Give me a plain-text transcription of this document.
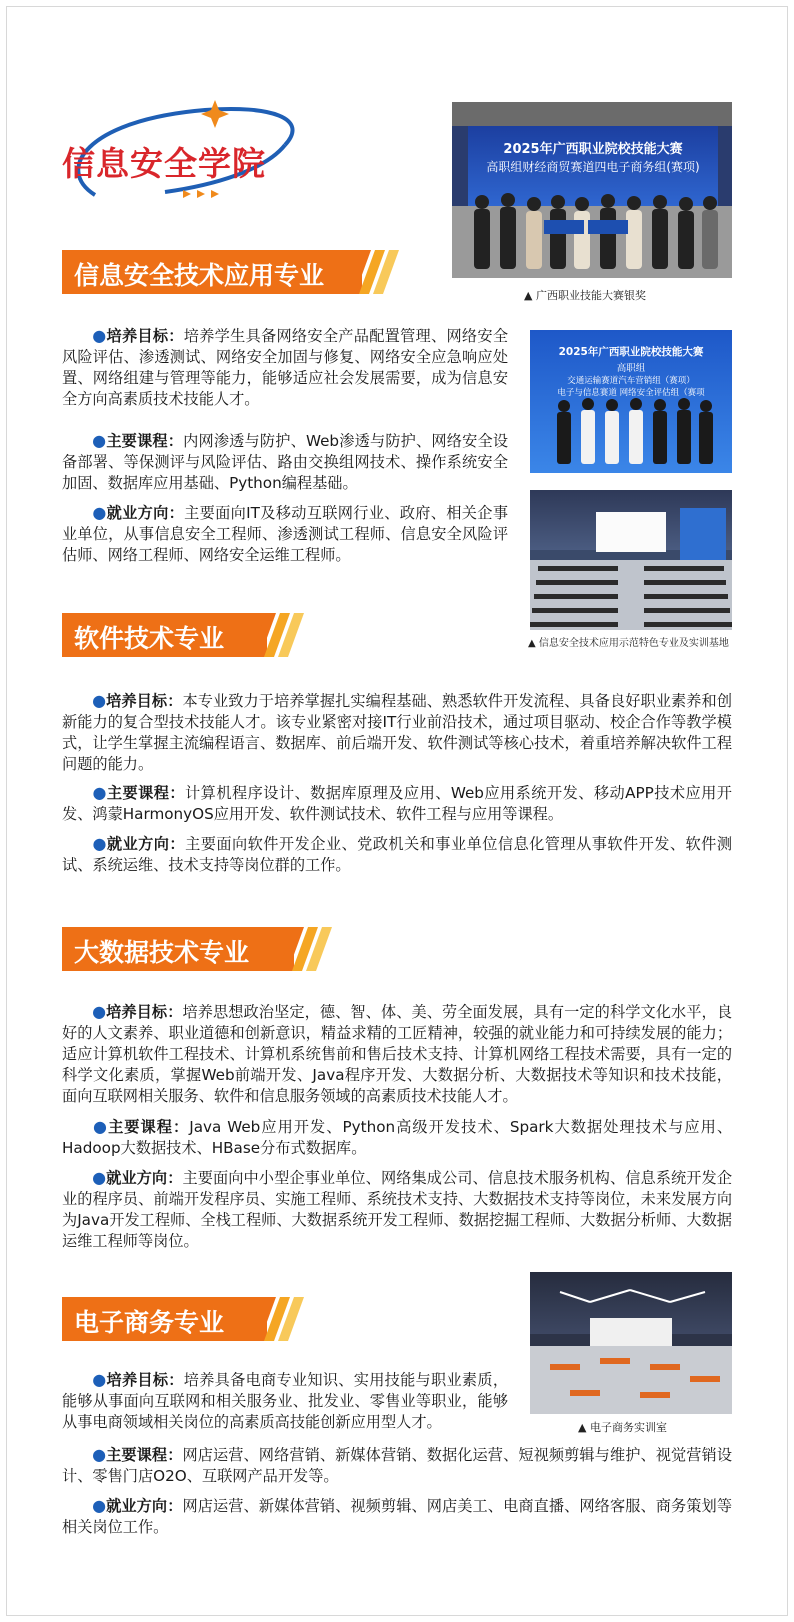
信息安全学院
信息安全技术应用专业
●培养目标：培养学生具备网络安全产品配置管理、网络安全风险评估、渗透测试、网络安全加固与修复、网络安全应急响应处置、网络组建与管理等能力，能够适应社会发展需要，成为信息安全方向高素质技术技能人才。
●主要课程：内网渗透与防护、Web渗透与防护、网络安全设备部署、等保测评与风险评估、路由交换组网技术、操作系统安全加固、数据库应用基础、Python编程基础。
●就业方向：主要面向IT及移动互联网行业、政府、相关企事业单位，从事信息安全工程师、渗透测试工程师、信息安全风险评估师、网络工程师、网络安全运维工程师。
2025年广西职业院校技能大赛
高职组财经商贸赛道四电子商务组(赛项)
▲ 广西职业技能大赛银奖
2025年广西职业院校技能大赛
高职组
交通运输赛道汽车营销组（赛项）
电子与信息赛道 网络安全评估组（赛项
▲ 信息安全技术应用示范特色专业及实训基地
软件技术专业
●培养目标：本专业致力于培养掌握扎实编程基础、熟悉软件开发流程、具备良好职业素养和创新能力的复合型技术技能人才。该专业紧密对接IT行业前沿技术，通过项目驱动、校企合作等教学模式，让学生掌握主流编程语言、数据库、前后端开发、软件测试等核心技术，着重培养解决软件工程问题的能力。
●主要课程：计算机程序设计、数据库原理及应用、Web应用系统开发、移动APP技术应用开发、鸿蒙HarmonyOS应用开发、软件测试技术、软件工程与应用等课程。
●就业方向：主要面向软件开发企业、党政机关和事业单位信息化管理从事软件开发、软件测试、系统运维、技术支持等岗位群的工作。
大数据技术专业
●培养目标：培养思想政治坚定，德、智、体、美、劳全面发展，具有一定的科学文化水平，良好的人文素养、职业道德和创新意识，精益求精的工匠精神，较强的就业能力和可持续发展的能力；适应计算机软件工程技术、计算机系统售前和售后技术支持、计算机网络工程技术需要，具有一定的科学文化素质，掌握Web前端开发、Java程序开发、大数据分析、大数据技术等知识和技术技能，面向互联网相关服务、软件和信息服务领域的高素质技术技能人才。
●主要课程：Java Web应用开发、Python高级开发技术、Spark大数据处理技术与应用、Hadoop大数据技术、HBase分布式数据库。
●就业方向：主要面向中小型企事业单位、网络集成公司、信息技术服务机构、信息系统开发企业的程序员、前端开发程序员、实施工程师、系统技术支持、大数据技术支持等岗位，未来发展方向为Java开发工程师、全栈工程师、大数据系统开发工程师、数据挖掘工程师、大数据分析师、大数据运维工程师等岗位。
电子商务专业
▲ 电子商务实训室
●培养目标：培养具备电商专业知识、实用技能与职业素质，能够从事面向互联网和相关服务业、批发业、零售业等职业，能够从事电商领域相关岗位的高素质高技能创新应用型人才。
●主要课程：网店运营、网络营销、新媒体营销、数据化运营、短视频剪辑与维护、视觉营销设计、零售门店O2O、互联网产品开发等。
●就业方向：网店运营、新媒体营销、视频剪辑、网店美工、电商直播、网络客服、商务策划等相关岗位工作。
